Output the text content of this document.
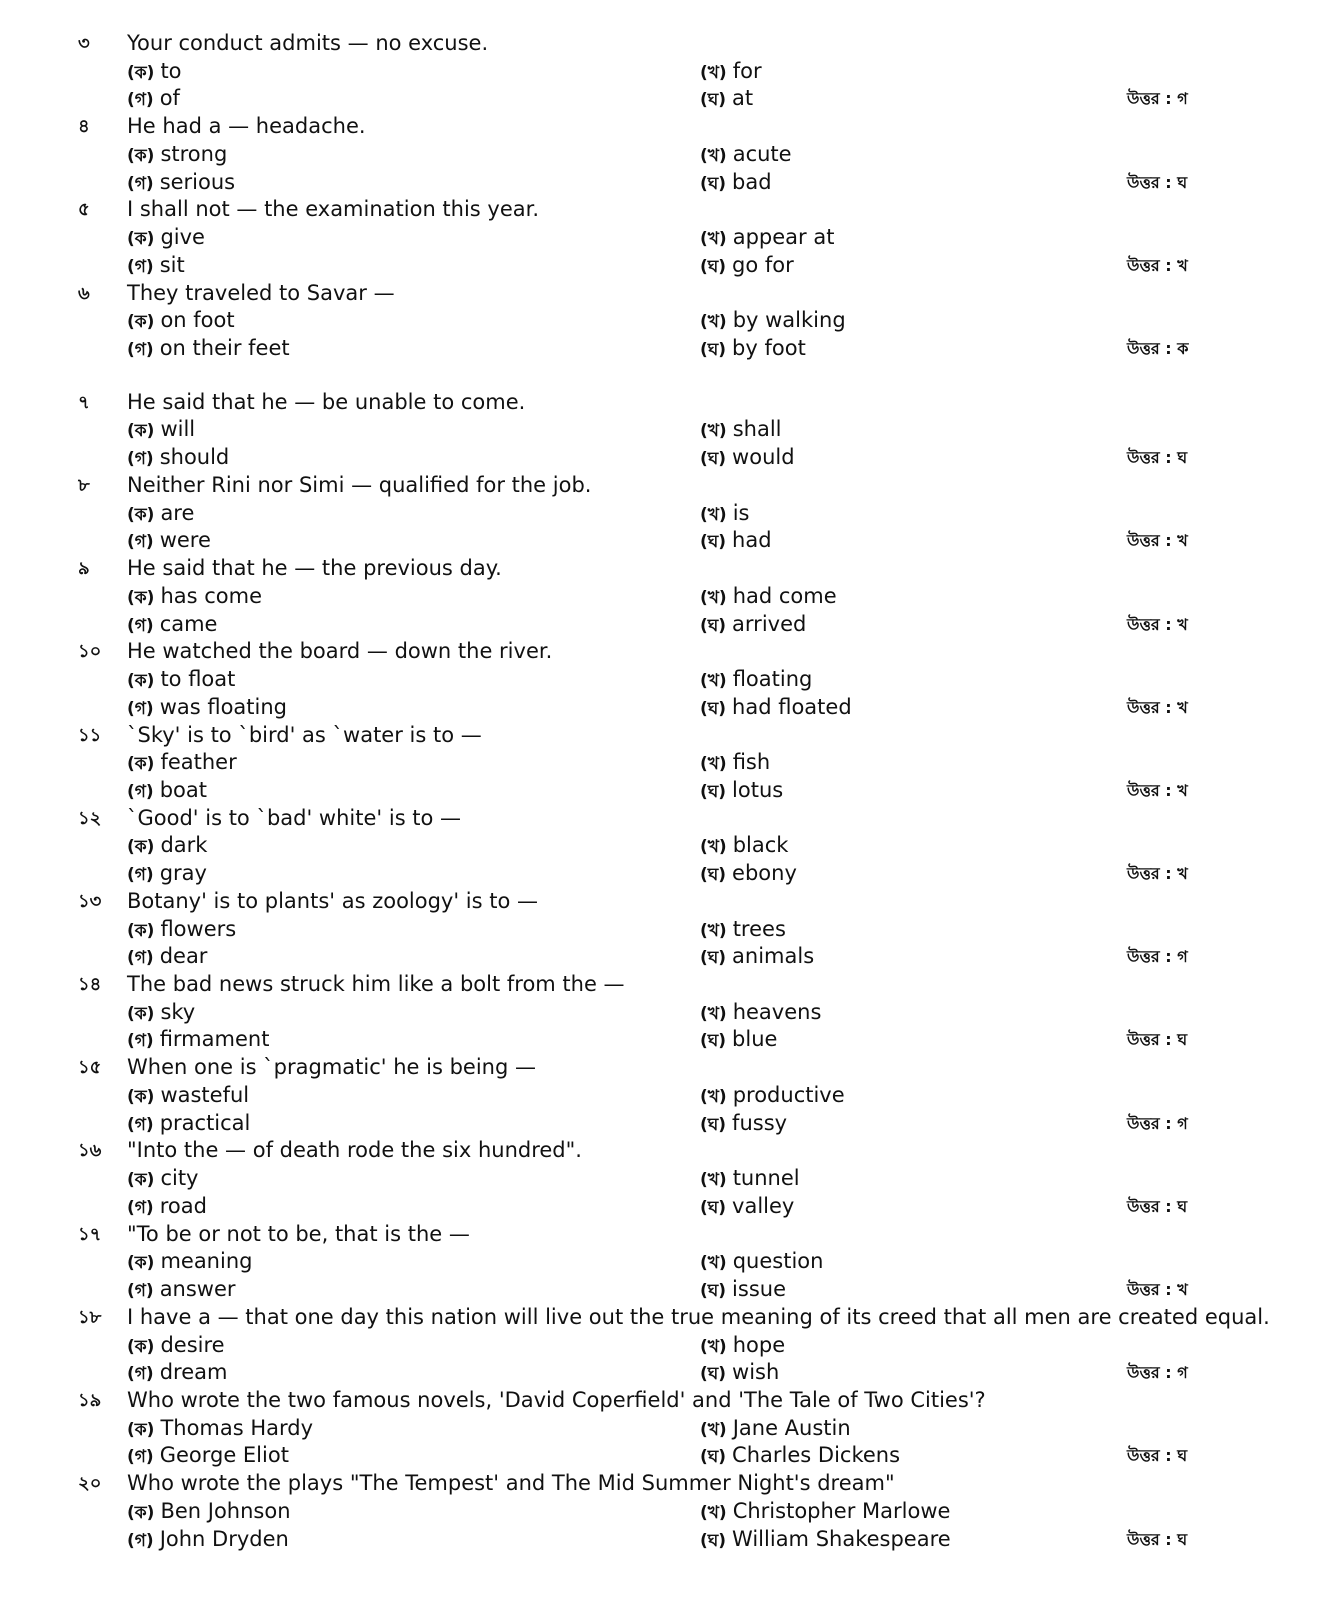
৩	Your conduct admits — no excuse.
(ক) to	(খ) for
(গ) of	(ঘ) at	উত্তর : গ
৪	He had a — headache.
(ক) strong	(খ) acute
(গ) serious	(ঘ) bad	উত্তর : ঘ
৫	I shall not — the examination this year.
(ক) give	(খ) appear at
(গ) sit	(ঘ) go for	উত্তর : খ
৬	They traveled to Savar —
(ক) on foot	(খ) by walking
(গ) on their feet	(ঘ) by foot	উত্তর : ক
৭	He said that he — be unable to come.
(ক) will	(খ) shall
(গ) should	(ঘ) would	উত্তর : ঘ
৮	Neither Rini nor Simi — qualified for the job.
(ক) are	(খ) is
(গ) were	(ঘ) had	উত্তর : খ
৯	He said that he — the previous day.
(ক) has come	(খ) had come
(গ) came	(ঘ) arrived	উত্তর : খ
১০	He watched the board — down the river.
(ক) to float	(খ) floating
(গ) was floating	(ঘ) had floated	উত্তর : খ
১১	`Sky' is to `bird' as `water is to —
(ক) feather	(খ) fish
(গ) boat	(ঘ) lotus	উত্তর : খ
১২	`Good' is to `bad' white' is to —
(ক) dark	(খ) black
(গ) gray	(ঘ) ebony	উত্তর : খ
১৩	Botany' is to plants' as zoology' is to —
(ক) flowers	(খ) trees
(গ) dear	(ঘ) animals	উত্তর : গ
১৪	The bad news struck him like a bolt from the —
(ক) sky	(খ) heavens
(গ) firmament	(ঘ) blue	উত্তর : ঘ
১৫	When one is `pragmatic' he is being —
(ক) wasteful	(খ) productive
(গ) practical	(ঘ) fussy	উত্তর : গ
১৬	"Into the — of death rode the six hundred".
(ক) city	(খ) tunnel
(গ) road	(ঘ) valley	উত্তর : ঘ
১৭	"To be or not to be, that is the —
(ক) meaning	(খ) question
(গ) answer	(ঘ) issue	উত্তর : খ
১৮	I have a — that one day this nation will live out the true meaning of its creed that all men are created equal.
(ক) desire	(খ) hope
(গ) dream	(ঘ) wish	উত্তর : গ
১৯	Who wrote the two famous novels, 'David Coperfield' and 'The Tale of Two Cities'?
(ক) Thomas Hardy	(খ) Jane Austin
(গ) George Eliot	(ঘ) Charles Dickens	উত্তর : ঘ
২০	Who wrote the plays "The Tempest' and The Mid Summer Night's dream"
(ক) Ben Johnson	(খ) Christopher Marlowe
(গ) John Dryden	(ঘ) William Shakespeare	উত্তর : ঘ
